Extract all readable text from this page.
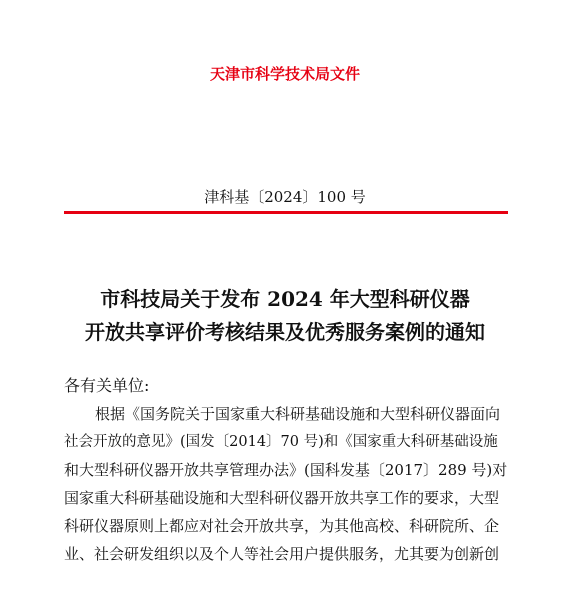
天津市科学技术局文件
津科基〔2024〕100 号
市科技局关于发布 2024 年大型科研仪器
开放共享评价考核结果及优秀服务案例的通知
各有关单位:
根据《国务院关于国家重大科研基础设施和大型科研仪器面向
社会开放的意见》(国发〔2014〕70 号)和《国家重大科研基础设施
和大型科研仪器开放共享管理办法》(国科发基〔2017〕289 号)对
国家重大科研基础设施和大型科研仪器开放共享工作的要求，大型
科研仪器原则上都应对社会开放共享，为其他高校、科研院所、企
业、社会研发组织以及个人等社会用户提供服务，尤其要为创新创
